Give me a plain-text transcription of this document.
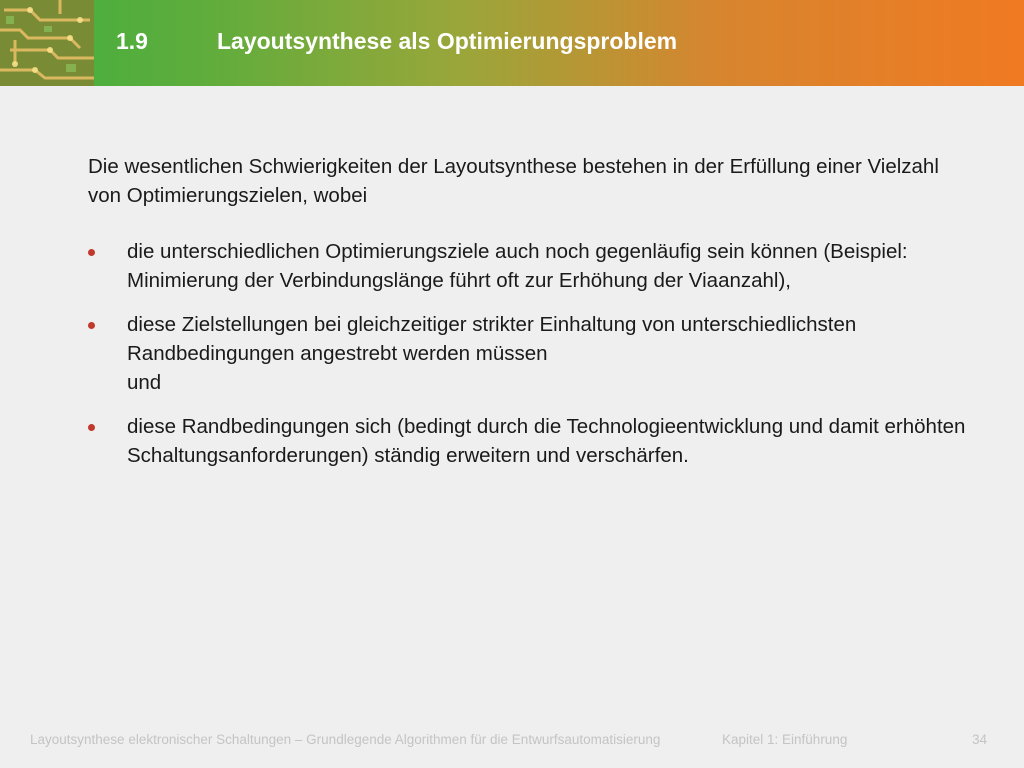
1.9	Layoutsynthese als Optimierungsproblem
Die wesentlichen Schwierigkeiten der Layoutsynthese bestehen in der Erfüllung einer Vielzahl von Optimierungszielen, wobei
die unterschiedlichen Optimierungsziele auch noch gegenläufig sein können (Beispiel: Minimierung der Verbindungslänge führt oft zur Erhöhung der Viaanzahl),
diese Zielstellungen bei gleichzeitiger strikter Einhaltung von unterschiedlichsten Randbedingungen angestrebt werden müssen
und
diese Randbedingungen sich (bedingt durch die Technologieentwicklung und damit erhöhten Schaltungsanforderungen) ständig erweitern und verschärfen.
Layoutsynthese elektronischer Schaltungen – Grundlegende Algorithmen für die Entwurfsautomatisierung	Kapitel 1: Einführung	34
